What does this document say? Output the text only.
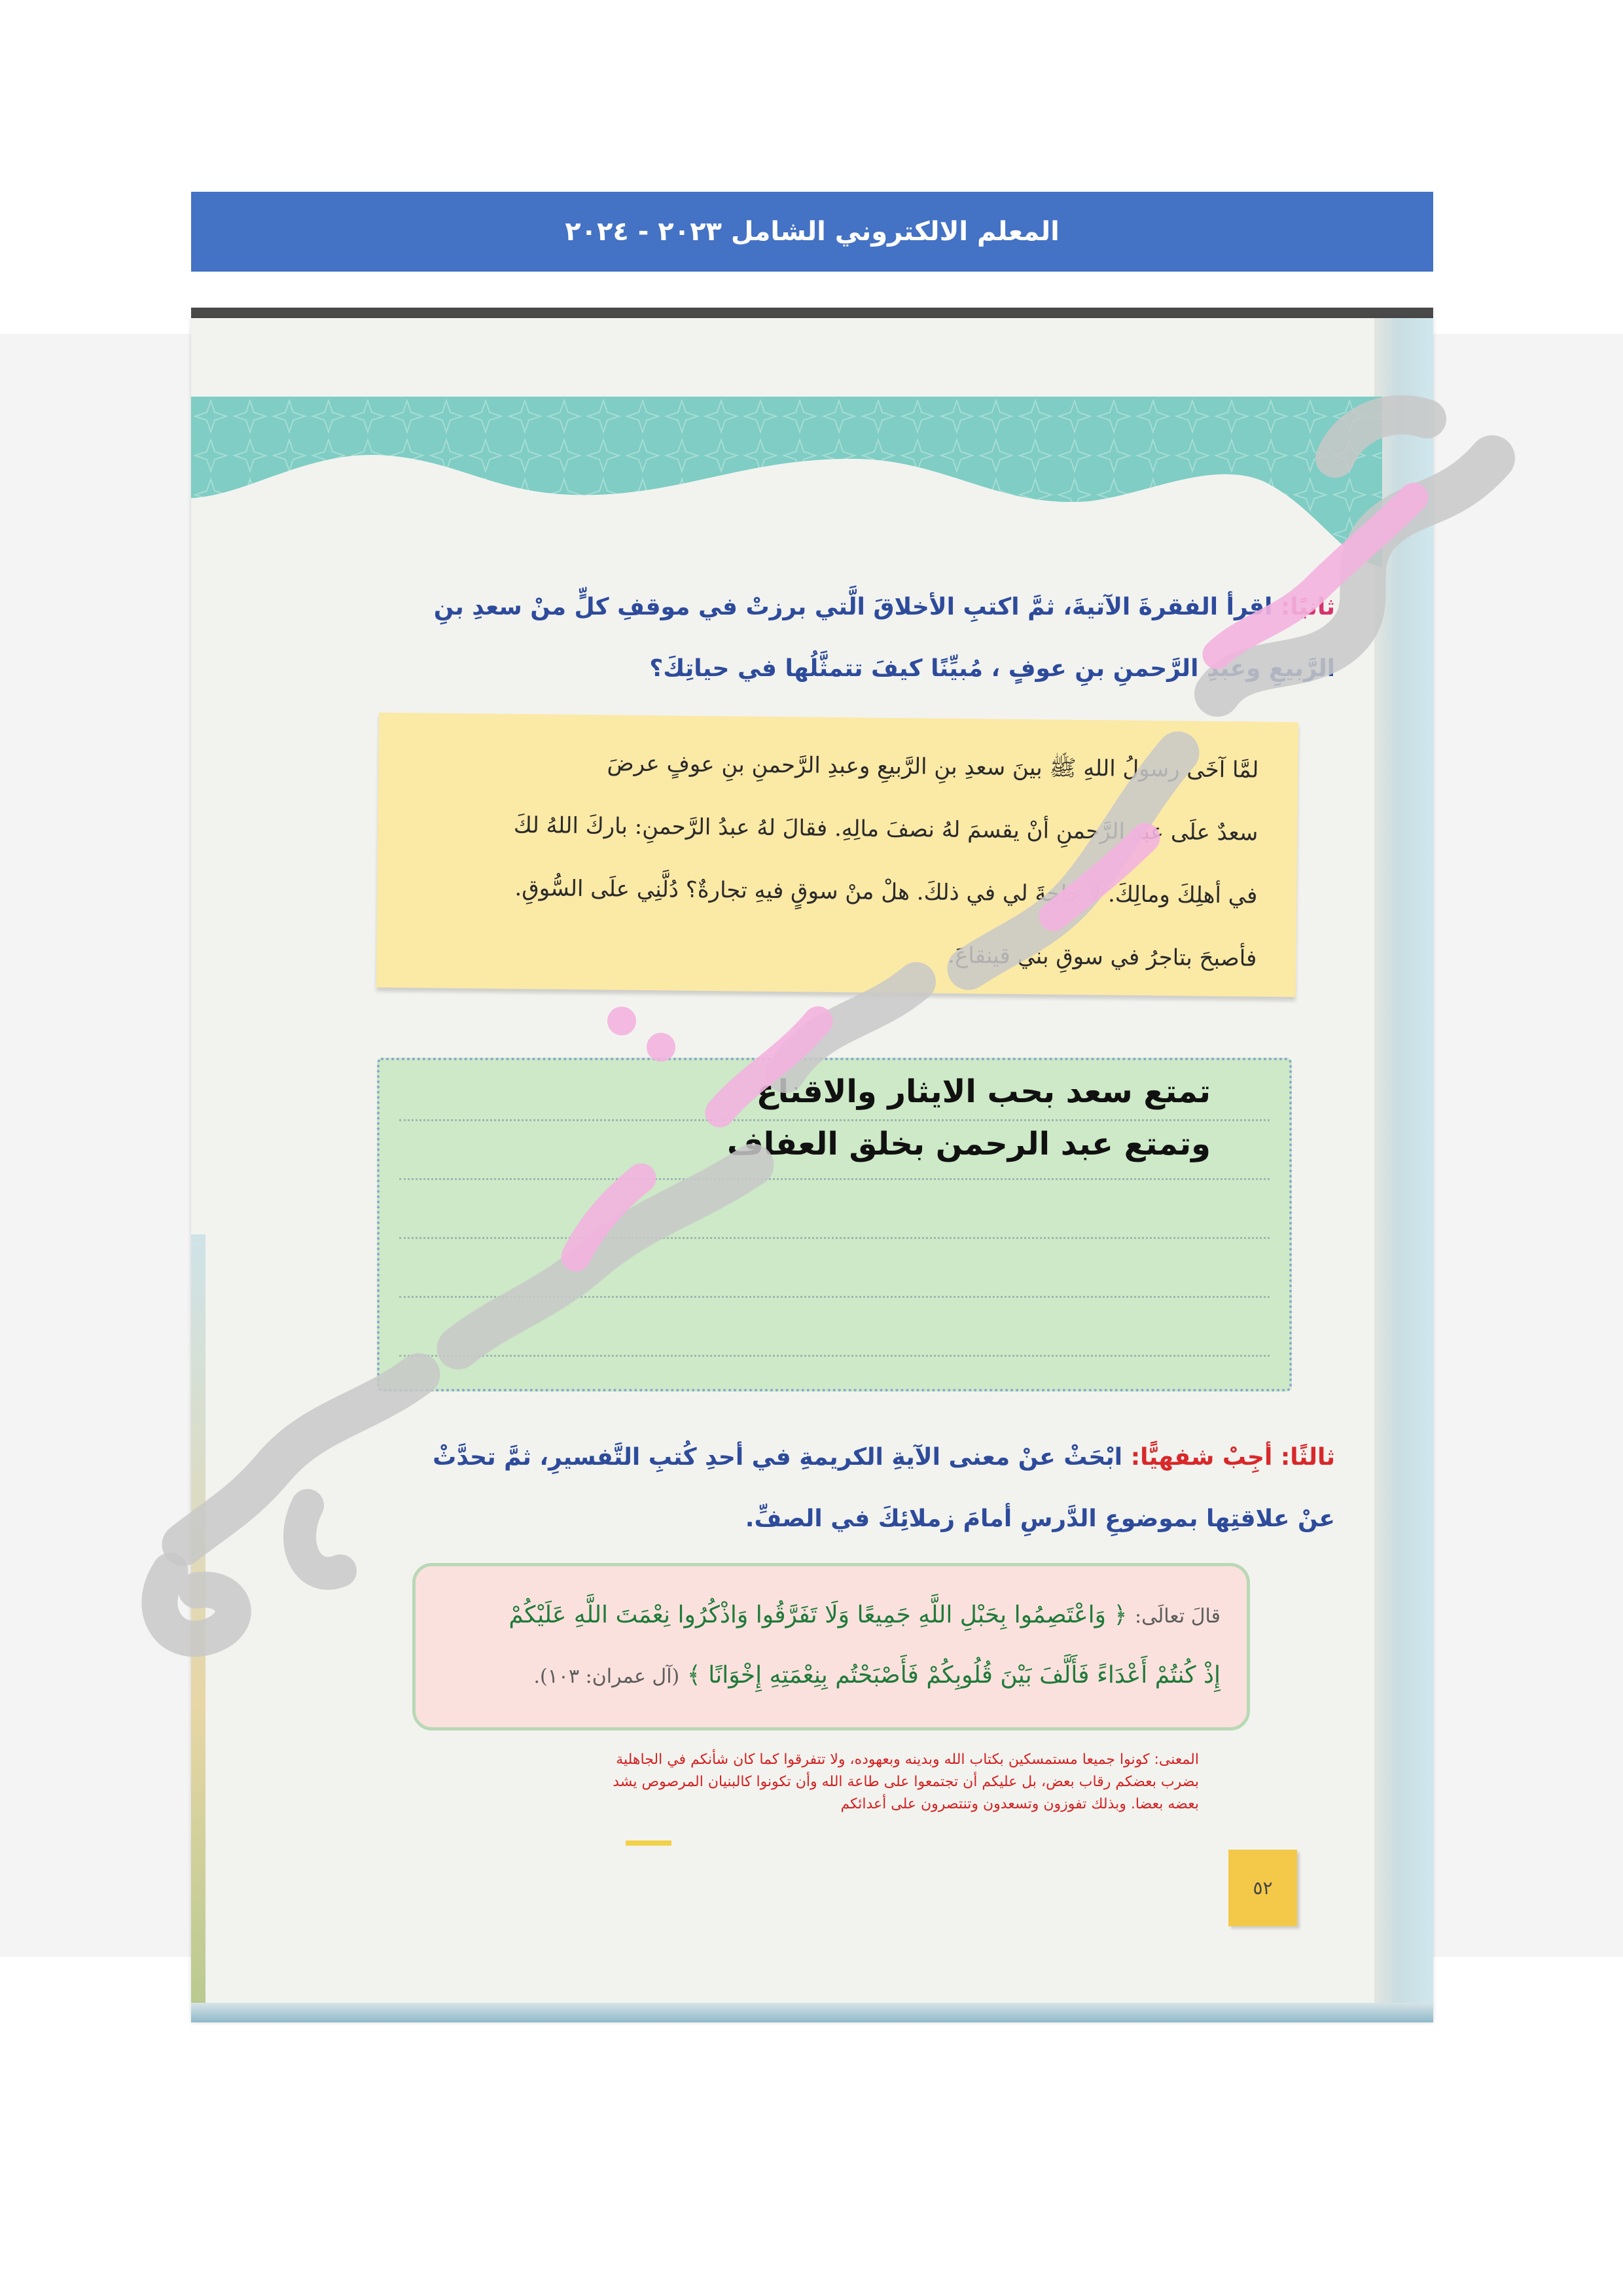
المعلم الالكتروني الشامل ٢٠٢٣ - ٢٠٢٤
ثانيًا: اقرأ الفقرةَ الآتيةَ، ثمَّ اكتبِ الأخلاقَ الَّتي برزتْ في موقفِ كلٍّ منْ سعدِ بنِ
الرَّبيعِ وعبدِ الرَّحمنِ بنِ عوفٍ ، مُبيِّنًا كيفَ تتمثَّلُها في حياتِكَ؟
لمَّا آخَى رسولُ اللهِ ﷺ بينَ سعدِ بنِ الرَّبيعِ وعبدِ الرَّحمنِ بنِ عوفٍ عرضَ
سعدٌ علَى عبدِ الرَّحمنِ أنْ يقسمَ لهُ نصفَ مالِهِ. فقالَ لهُ عبدُ الرَّحمنِ: باركَ اللهُ لكَ
في أهلِكَ ومالِكَ. لا حاجةَ لي في ذلكَ. هلْ منْ سوقٍ فيهِ تجارةٌ؟ دُلَّنِي علَى السُّوقِ.
فأصبحَ بتاجرُ في سوقِ بني قينقاعَ.
تمتع سعد بحب الايثار والاقناع
وتمتع عبد الرحمن بخلق العفاف
ثالثًا: أجِبْ شفهيًّا: ابْحَثْ عنْ معنى الآيةِ الكريمةِ في أحدِ كُتبِ التَّفسيرِ، ثمَّ تحدَّثْ
عنْ علاقتِها بموضوعِ الدَّرسِ أمامَ زملائِكَ في الصفِّ.
قالَ تعالَى: ﴿ وَاعْتَصِمُوا بِحَبْلِ اللَّهِ جَمِيعًا وَلَا تَفَرَّقُوا وَاذْكُرُوا نِعْمَتَ اللَّهِ عَلَيْكُمْ
إِذْ كُنتُمْ أَعْدَاءً فَأَلَّفَ بَيْنَ قُلُوبِكُمْ فَأَصْبَحْتُم بِنِعْمَتِهِ إِخْوَانًا ﴾ (آل عمران: ١٠٣).
المعنى: كونوا جميعا مستمسكين بكتاب الله وبدينه وبعهوده، ولا تتفرقوا كما كان شأنكم في الجاهلية بضرب بعضكم رقاب بعض، بل عليكم أن تجتمعوا على طاعة الله وأن تكونوا كالبنيان المرصوص يشد بعضه بعضا. وبذلك تفوزون وتسعدون وتنتصرون على أعدائكم
٥٢
